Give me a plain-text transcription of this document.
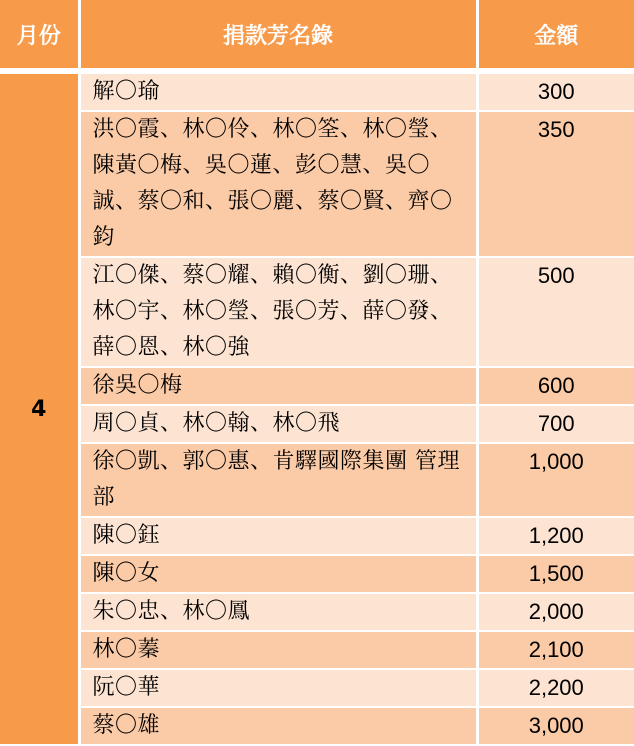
月份	捐款芳名錄	金額
4	解〇瑜	300
	洪〇霞、林〇伶、林〇筌、林〇瑩、陳黃〇梅、吳〇蓮、彭〇慧、吳〇誠、蔡〇和、張〇麗、蔡〇賢、齊〇鈞	350
	江〇傑、蔡〇耀、賴〇衡、劉〇珊、林〇宇、林〇瑩、張〇芳、薛〇發、薛〇恩、林〇強	500
	徐吳〇梅	600
	周〇貞、林〇翰、林〇飛	700
	徐〇凱、郭〇惠、肯驛國際集團 管理部	1,000
	陳〇鈺	1,200
	陳〇女	1,500
	朱〇忠、林〇鳳	2,000
	林〇蓁	2,100
	阮〇華	2,200
	蔡〇雄	3,000
